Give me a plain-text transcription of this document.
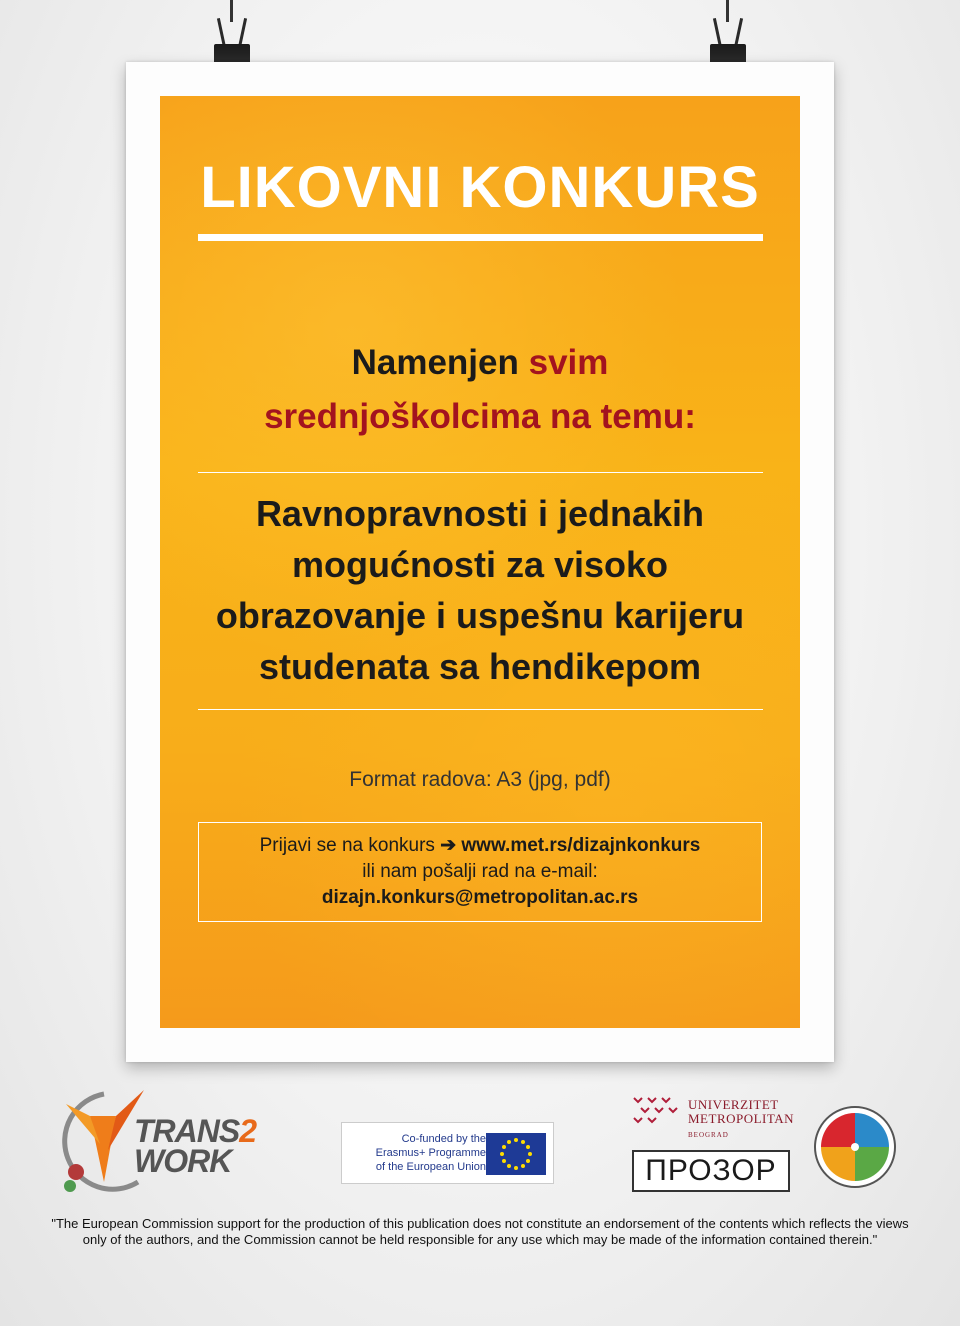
LIKOVNI KONKURS
Namenjen svim
srednjoškolcima na temu:
Ravnopravnosti i jednakih
mogućnosti za visoko
obrazovanje i uspešnu karijeru
studenata sa hendikepom
Format radova: A3 (jpg, pdf)
Prijavi se na konkurs ➔ www.met.rs/dizajnkonkurs
ili nam pošalji rad na e-mail:
dizajn.konkurs@metropolitan.ac.rs
TRANS2
WORK
Co-funded by the
Erasmus+ Programme
of the European Union
UNIVERZITET
METROPOLITAN
BEOGRAD
ПРОЗОР
"The European Commission support for the production of this publication does not constitute an endorsement of the contents which reflects the views only of the authors, and the Commission cannot be held responsible for any use which may be made of the information contained therein."
